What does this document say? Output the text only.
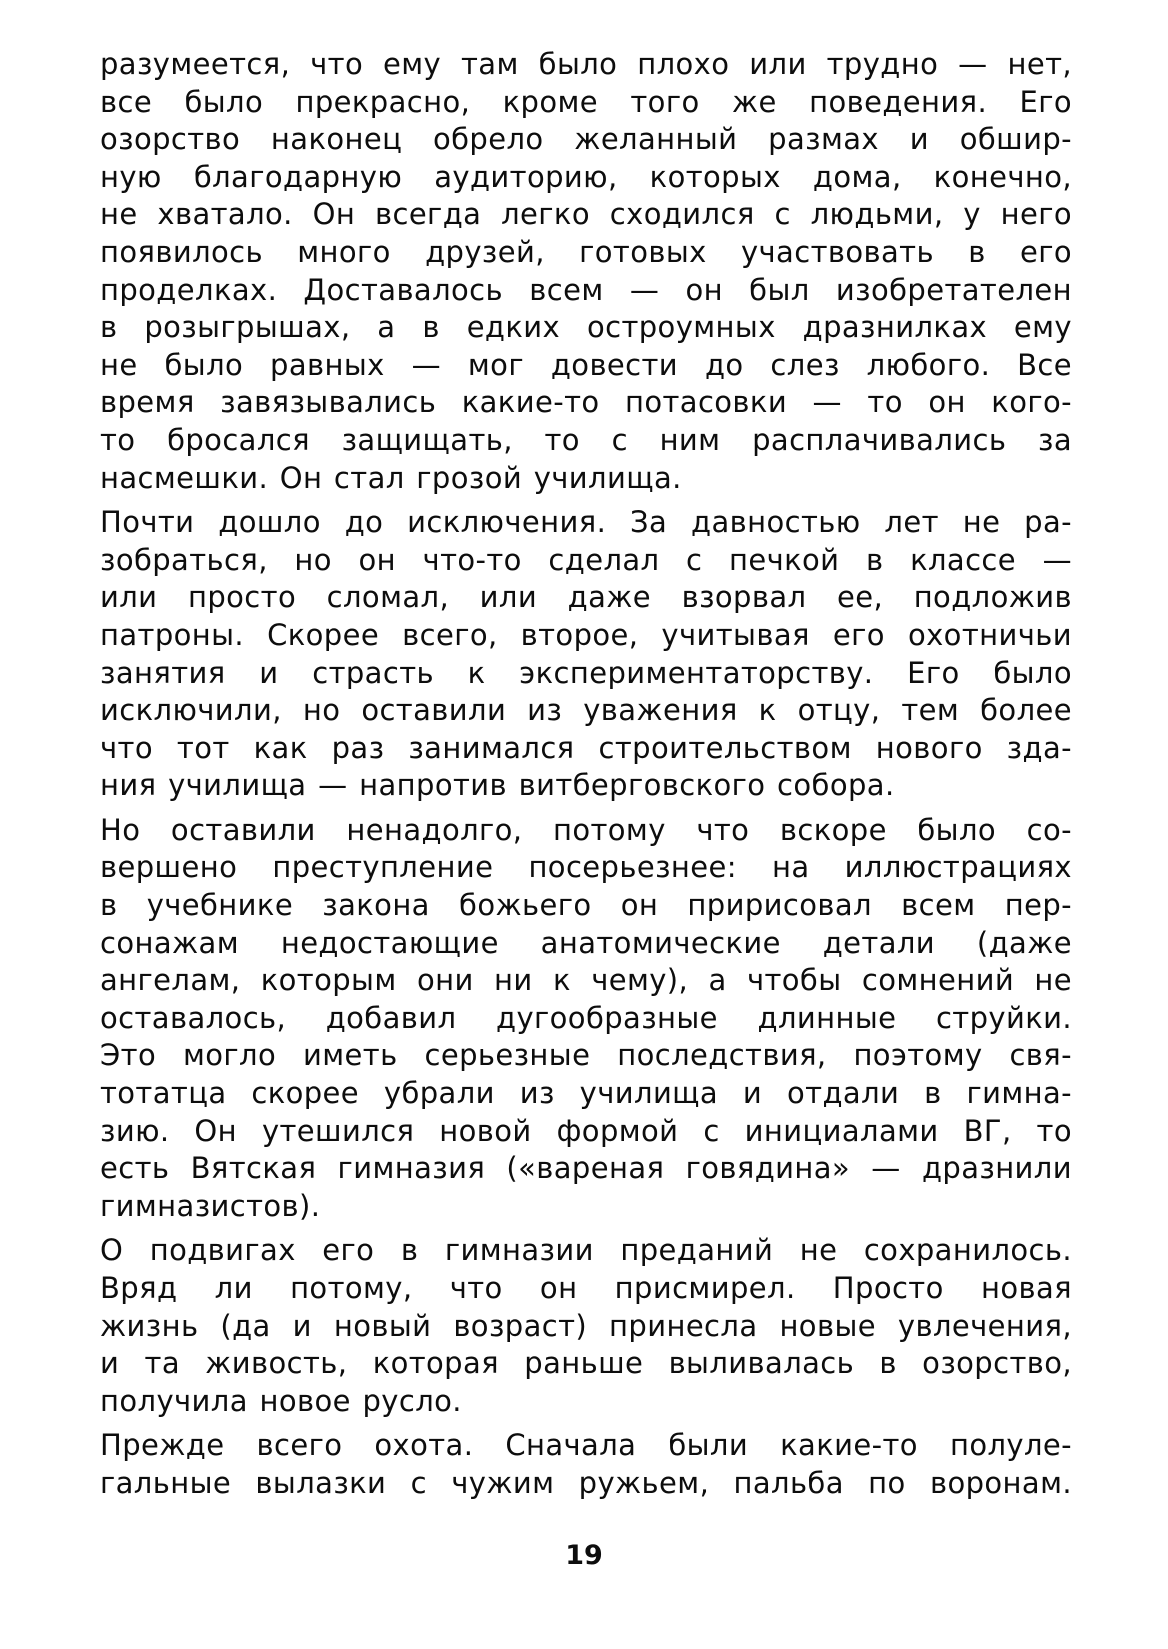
разумеется, что ему там было плохо или трудно — нет,
все было прекрасно, кроме того же поведения. Его
озорство наконец обрело желанный размах и обшир-
ную благодарную аудиторию, которых дома, конечно,
не хватало. Он всегда легко сходился с людьми, у него
появилось много друзей, готовых участвовать в его
проделках. Доставалось всем — он был изобретателен
в розыгрышах, а в едких остроумных дразнилках ему
не было равных — мог довести до слез любого. Все
время завязывались какие-то потасовки — то он кого-
то бросался защищать, то с ним расплачивались за
насмешки. Он стал грозой училища.

Почти дошло до исключения. За давностью лет не ра-
зобраться, но он что-то сделал с печкой в классе —
или просто сломал, или даже взорвал ее, подложив
патроны. Скорее всего, второе, учитывая его охотничьи
занятия и страсть к экспериментаторству. Его было
исключили, но оставили из уважения к отцу, тем более
что тот как раз занимался строительством нового зда-
ния училища — напротив витберговского собора.

Но оставили ненадолго, потому что вскоре было со-
вершено преступление посерьезнее: на иллюстрациях
в учебнике закона божьего он пририсовал всем пер-
сонажам недостающие анатомические детали (даже
ангелам, которым они ни к чему), а чтобы сомнений не
оставалось, добавил дугообразные длинные струйки.
Это могло иметь серьезные последствия, поэтому свя-
тотатца скорее убрали из училища и отдали в гимна-
зию. Он утешился новой формой с инициалами ВГ, то
есть Вятская гимназия («вареная говядина» — дразнили
гимназистов).

О подвигах его в гимназии преданий не сохранилось.
Вряд ли потому, что он присмирел. Просто новая
жизнь (да и новый возраст) принесла новые увлечения,
и та живость, которая раньше выливалась в озорство,
получила новое русло.

Прежде всего охота. Сначала были какие-то полуле-
гальные вылазки с чужим ружьем, пальба по воронам.

19
